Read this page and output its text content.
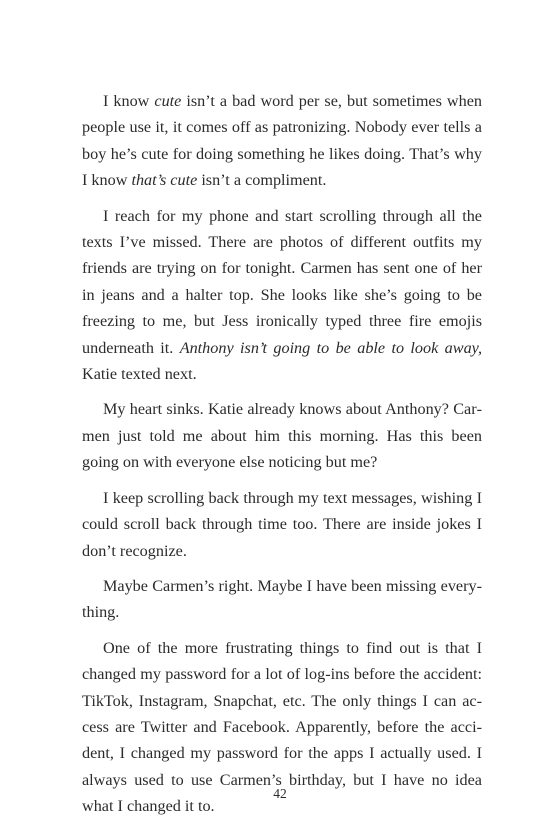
I know cute isn’t a bad word per se, but sometimes when people use it, it comes off as patronizing. Nobody ever tells a boy he’s cute for doing something he likes doing. That’s why I know that’s cute isn’t a compliment.

I reach for my phone and start scrolling through all the texts I’ve missed. There are photos of different outfits my friends are trying on for tonight. Carmen has sent one of her in jeans and a halter top. She looks like she’s going to be freezing to me, but Jess ironically typed three fire emojis underneath it. Anthony isn’t going to be able to look away, Katie texted next.

My heart sinks. Katie already knows about Anthony? Carmen just told me about him this morning. Has this been going on with everyone else noticing but me?

I keep scrolling back through my text messages, wishing I could scroll back through time too. There are inside jokes I don’t recognize.

Maybe Carmen’s right. Maybe I have been missing everything.

One of the more frustrating things to find out is that I changed my password for a lot of log-ins before the accident: TikTok, Instagram, Snapchat, etc. The only things I can access are Twitter and Facebook. Apparently, before the accident, I changed my password for the apps I actually used. I always used to use Carmen’s birthday, but I have no idea what I changed it to.

42
